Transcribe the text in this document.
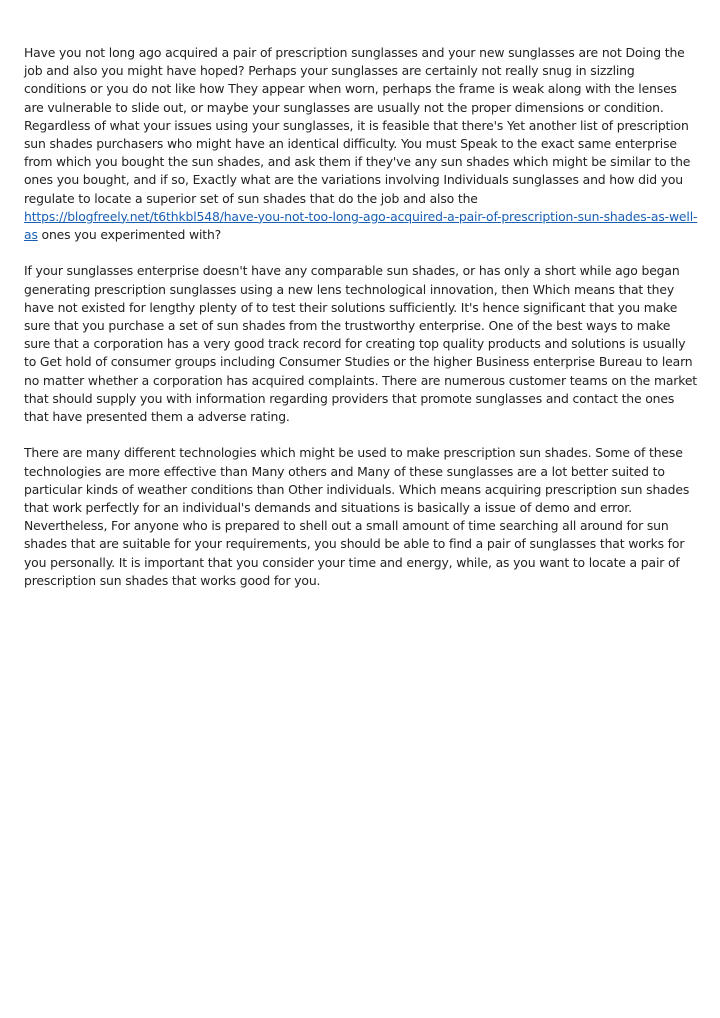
Have you not long ago acquired a pair of prescription sunglasses and your new sunglasses are not Doing the job and also you might have hoped? Perhaps your sunglasses are certainly not really snug in sizzling conditions or you do not like how They appear when worn, perhaps the frame is weak along with the lenses are vulnerable to slide out, or maybe your sunglasses are usually not the proper dimensions or condition. Regardless of what your issues using your sunglasses, it is feasible that there's Yet another list of prescription sun shades purchasers who might have an identical difficulty. You must Speak to the exact same enterprise from which you bought the sun shades, and ask them if they've any sun shades which might be similar to the ones you bought, and if so, Exactly what are the variations involving Individuals sunglasses and how did you regulate to locate a superior set of sun shades that do the job and also the https://blogfreely.net/t6thkbl548/have-you-not-too-long-ago-acquired-a-pair-of-prescription-sun-shades-as-well-as ones you experimented with?

If your sunglasses enterprise doesn't have any comparable sun shades, or has only a short while ago began generating prescription sunglasses using a new lens technological innovation, then Which means that they have not existed for lengthy plenty of to test their solutions sufficiently. It's hence significant that you make sure that you purchase a set of sun shades from the trustworthy enterprise. One of the best ways to make sure that a corporation has a very good track record for creating top quality products and solutions is usually to Get hold of consumer groups including Consumer Studies or the higher Business enterprise Bureau to learn no matter whether a corporation has acquired complaints. There are numerous customer teams on the market that should supply you with information regarding providers that promote sunglasses and contact the ones that have presented them a adverse rating.

There are many different technologies which might be used to make prescription sun shades. Some of these technologies are more effective than Many others and Many of these sunglasses are a lot better suited to particular kinds of weather conditions than Other individuals. Which means acquiring prescription sun shades that work perfectly for an individual's demands and situations is basically a issue of demo and error. Nevertheless, For anyone who is prepared to shell out a small amount of time searching all around for sun shades that are suitable for your requirements, you should be able to find a pair of sunglasses that works for you personally. It is important that you consider your time and energy, while, as you want to locate a pair of prescription sun shades that works good for you.
